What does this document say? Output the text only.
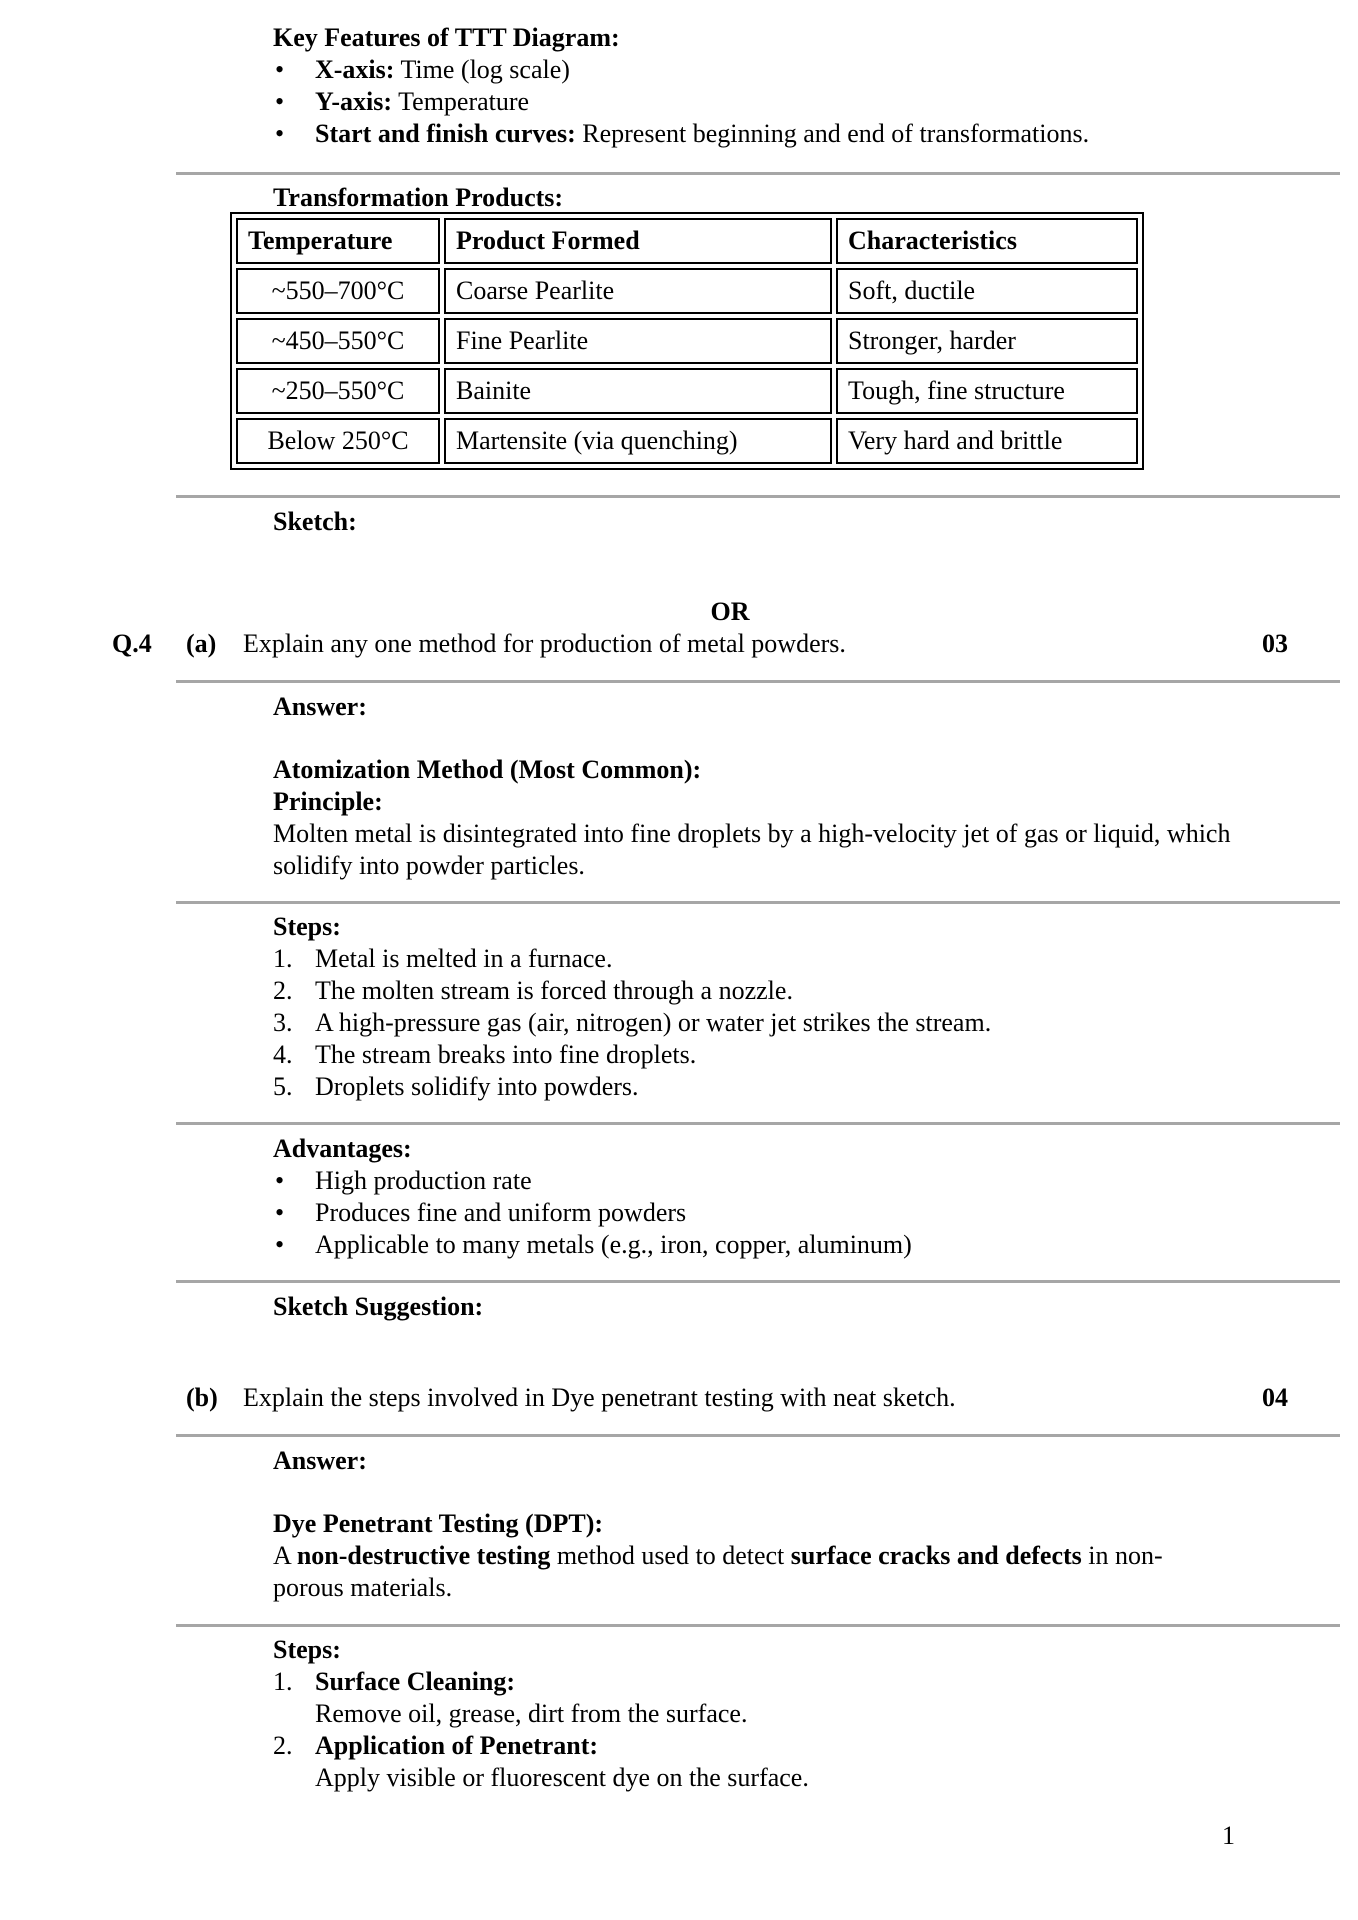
Key Features of TTT Diagram:
• X-axis: Time (log scale)
• Y-axis: Temperature
• Start and finish curves: Represent beginning and end of transformations.
Transformation Products:
Temperature	Product Formed	Characteristics
~550–700°C	Coarse Pearlite	Soft, ductile
~450–550°C	Fine Pearlite	Stronger, harder
~250–550°C	Bainite	Tough, fine structure
Below 250°C	Martensite (via quenching)	Very hard and brittle
Sketch:
OR
Q.4 (a) Explain any one method for production of metal powders.	03
Answer:
Atomization Method (Most Common):
Principle:
Molten metal is disintegrated into fine droplets by a high-velocity jet of gas or liquid, which solidify into powder particles.
Steps:
1. Metal is melted in a furnace.
2. The molten stream is forced through a nozzle.
3. A high-pressure gas (air, nitrogen) or water jet strikes the stream.
4. The stream breaks into fine droplets.
5. Droplets solidify into powders.
Advantages:
• High production rate
• Produces fine and uniform powders
• Applicable to many metals (e.g., iron, copper, aluminum)
Sketch Suggestion:
(b) Explain the steps involved in Dye penetrant testing with neat sketch.	04
Answer:
Dye Penetrant Testing (DPT):
A non-destructive testing method used to detect surface cracks and defects in non-porous materials.
Steps:
1. Surface Cleaning:
Remove oil, grease, dirt from the surface.
2. Application of Penetrant:
Apply visible or fluorescent dye on the surface.
1
